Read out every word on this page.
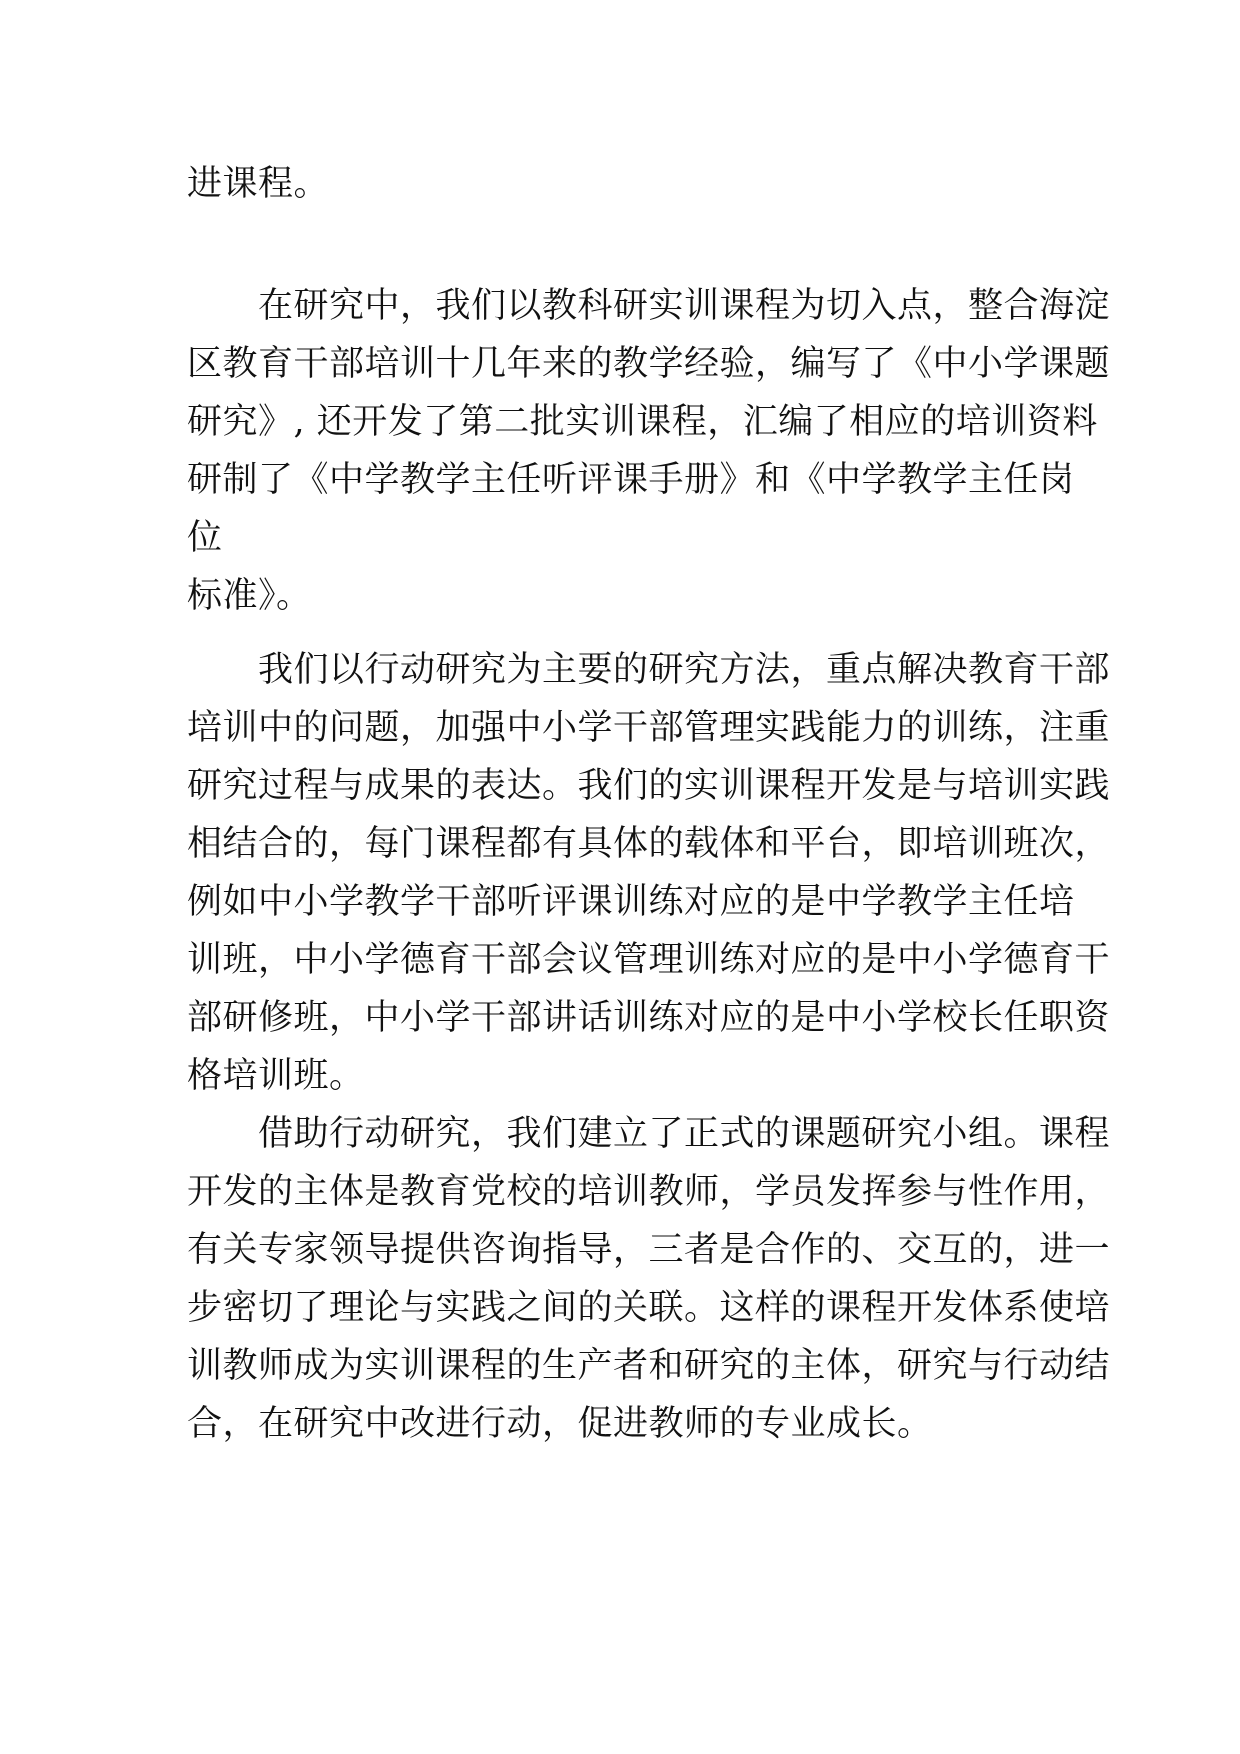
进课程。
　　在研究中，我们以教科研实训课程为切入点，整合海淀
区教育干部培训十几年来的教学经验，编写了《中小学课题
研究》, 还开发了第二批实训课程，汇编了相应的培训资料
研制了《中学教学主任听评课手册》和《中学教学主任岗
位
标准》。
　　我们以行动研究为主要的研究方法，重点解决教育干部
培训中的问题，加强中小学干部管理实践能力的训练，注重
研究过程与成果的表达。我们的实训课程开发是与培训实践
相结合的，每门课程都有具体的载体和平台，即培训班次，
例如中小学教学干部听评课训练对应的是中学教学主任培
训班，中小学德育干部会议管理训练对应的是中小学德育干
部研修班，中小学干部讲话训练对应的是中小学校长任职资
格培训班。
　　借助行动研究，我们建立了正式的课题研究小组。课程
开发的主体是教育党校的培训教师，学员发挥参与性作用，
有关专家领导提供咨询指导，三者是合作的、交互的，进一
步密切了理论与实践之间的关联。这样的课程开发体系使培
训教师成为实训课程的生产者和研究的主体，研究与行动结
合，在研究中改进行动，促进教师的专业成长。
